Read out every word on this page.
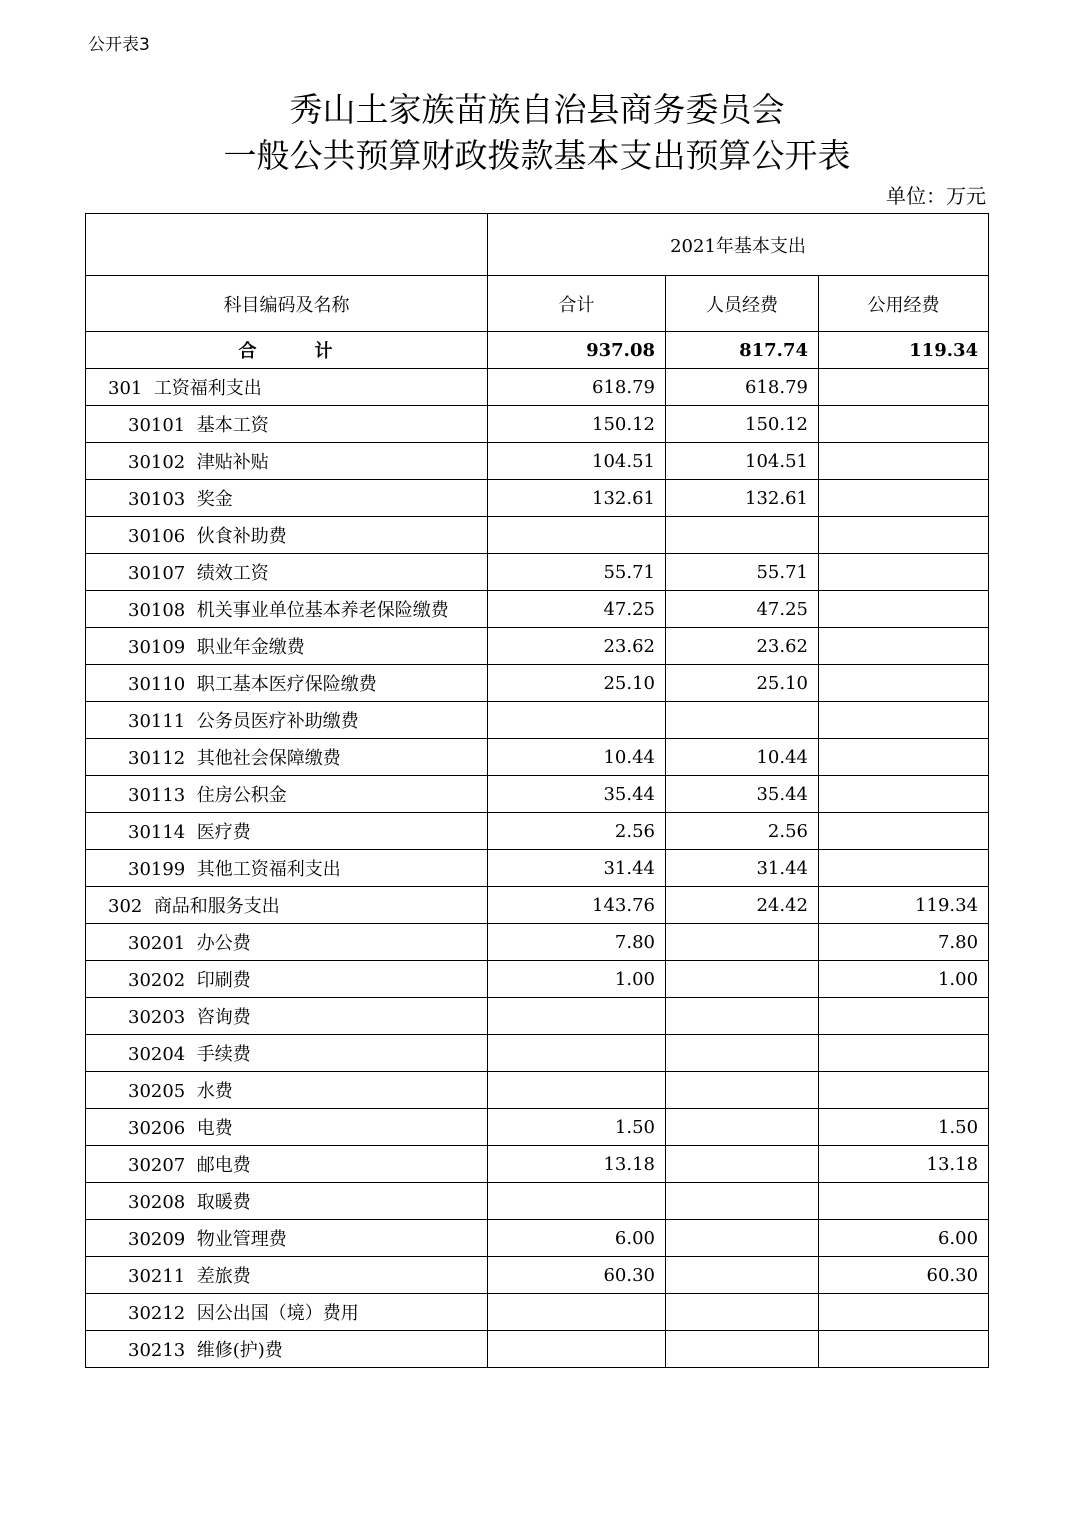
公开表3
秀山土家族苗族自治县商务委员会
一般公共预算财政拨款基本支出预算公开表
单位：万元
	2021年基本支出		
科目编码及名称	合计	人员经费	公用经费
合 计	937.08	817.74	119.34
301 工资福利支出	618.79	618.79	
30101 基本工资	150.12	150.12	
30102 津贴补贴	104.51	104.51	
30103 奖金	132.61	132.61	
30106 伙食补助费			
30107 绩效工资	55.71	55.71	
30108 机关事业单位基本养老保险缴费	47.25	47.25	
30109 职业年金缴费	23.62	23.62	
30110 职工基本医疗保险缴费	25.10	25.10	
30111 公务员医疗补助缴费			
30112 其他社会保障缴费	10.44	10.44	
30113 住房公积金	35.44	35.44	
30114 医疗费	2.56	2.56	
30199 其他工资福利支出	31.44	31.44	
302 商品和服务支出	143.76	24.42	119.34
30201 办公费	7.80		7.80
30202 印刷费	1.00		1.00
30203 咨询费			
30204 手续费			
30205 水费			
30206 电费	1.50		1.50
30207 邮电费	13.18		13.18
30208 取暖费			
30209 物业管理费	6.00		6.00
30211 差旅费	60.30		60.30
30212 因公出国（境）费用			
30213 维修(护)费			
